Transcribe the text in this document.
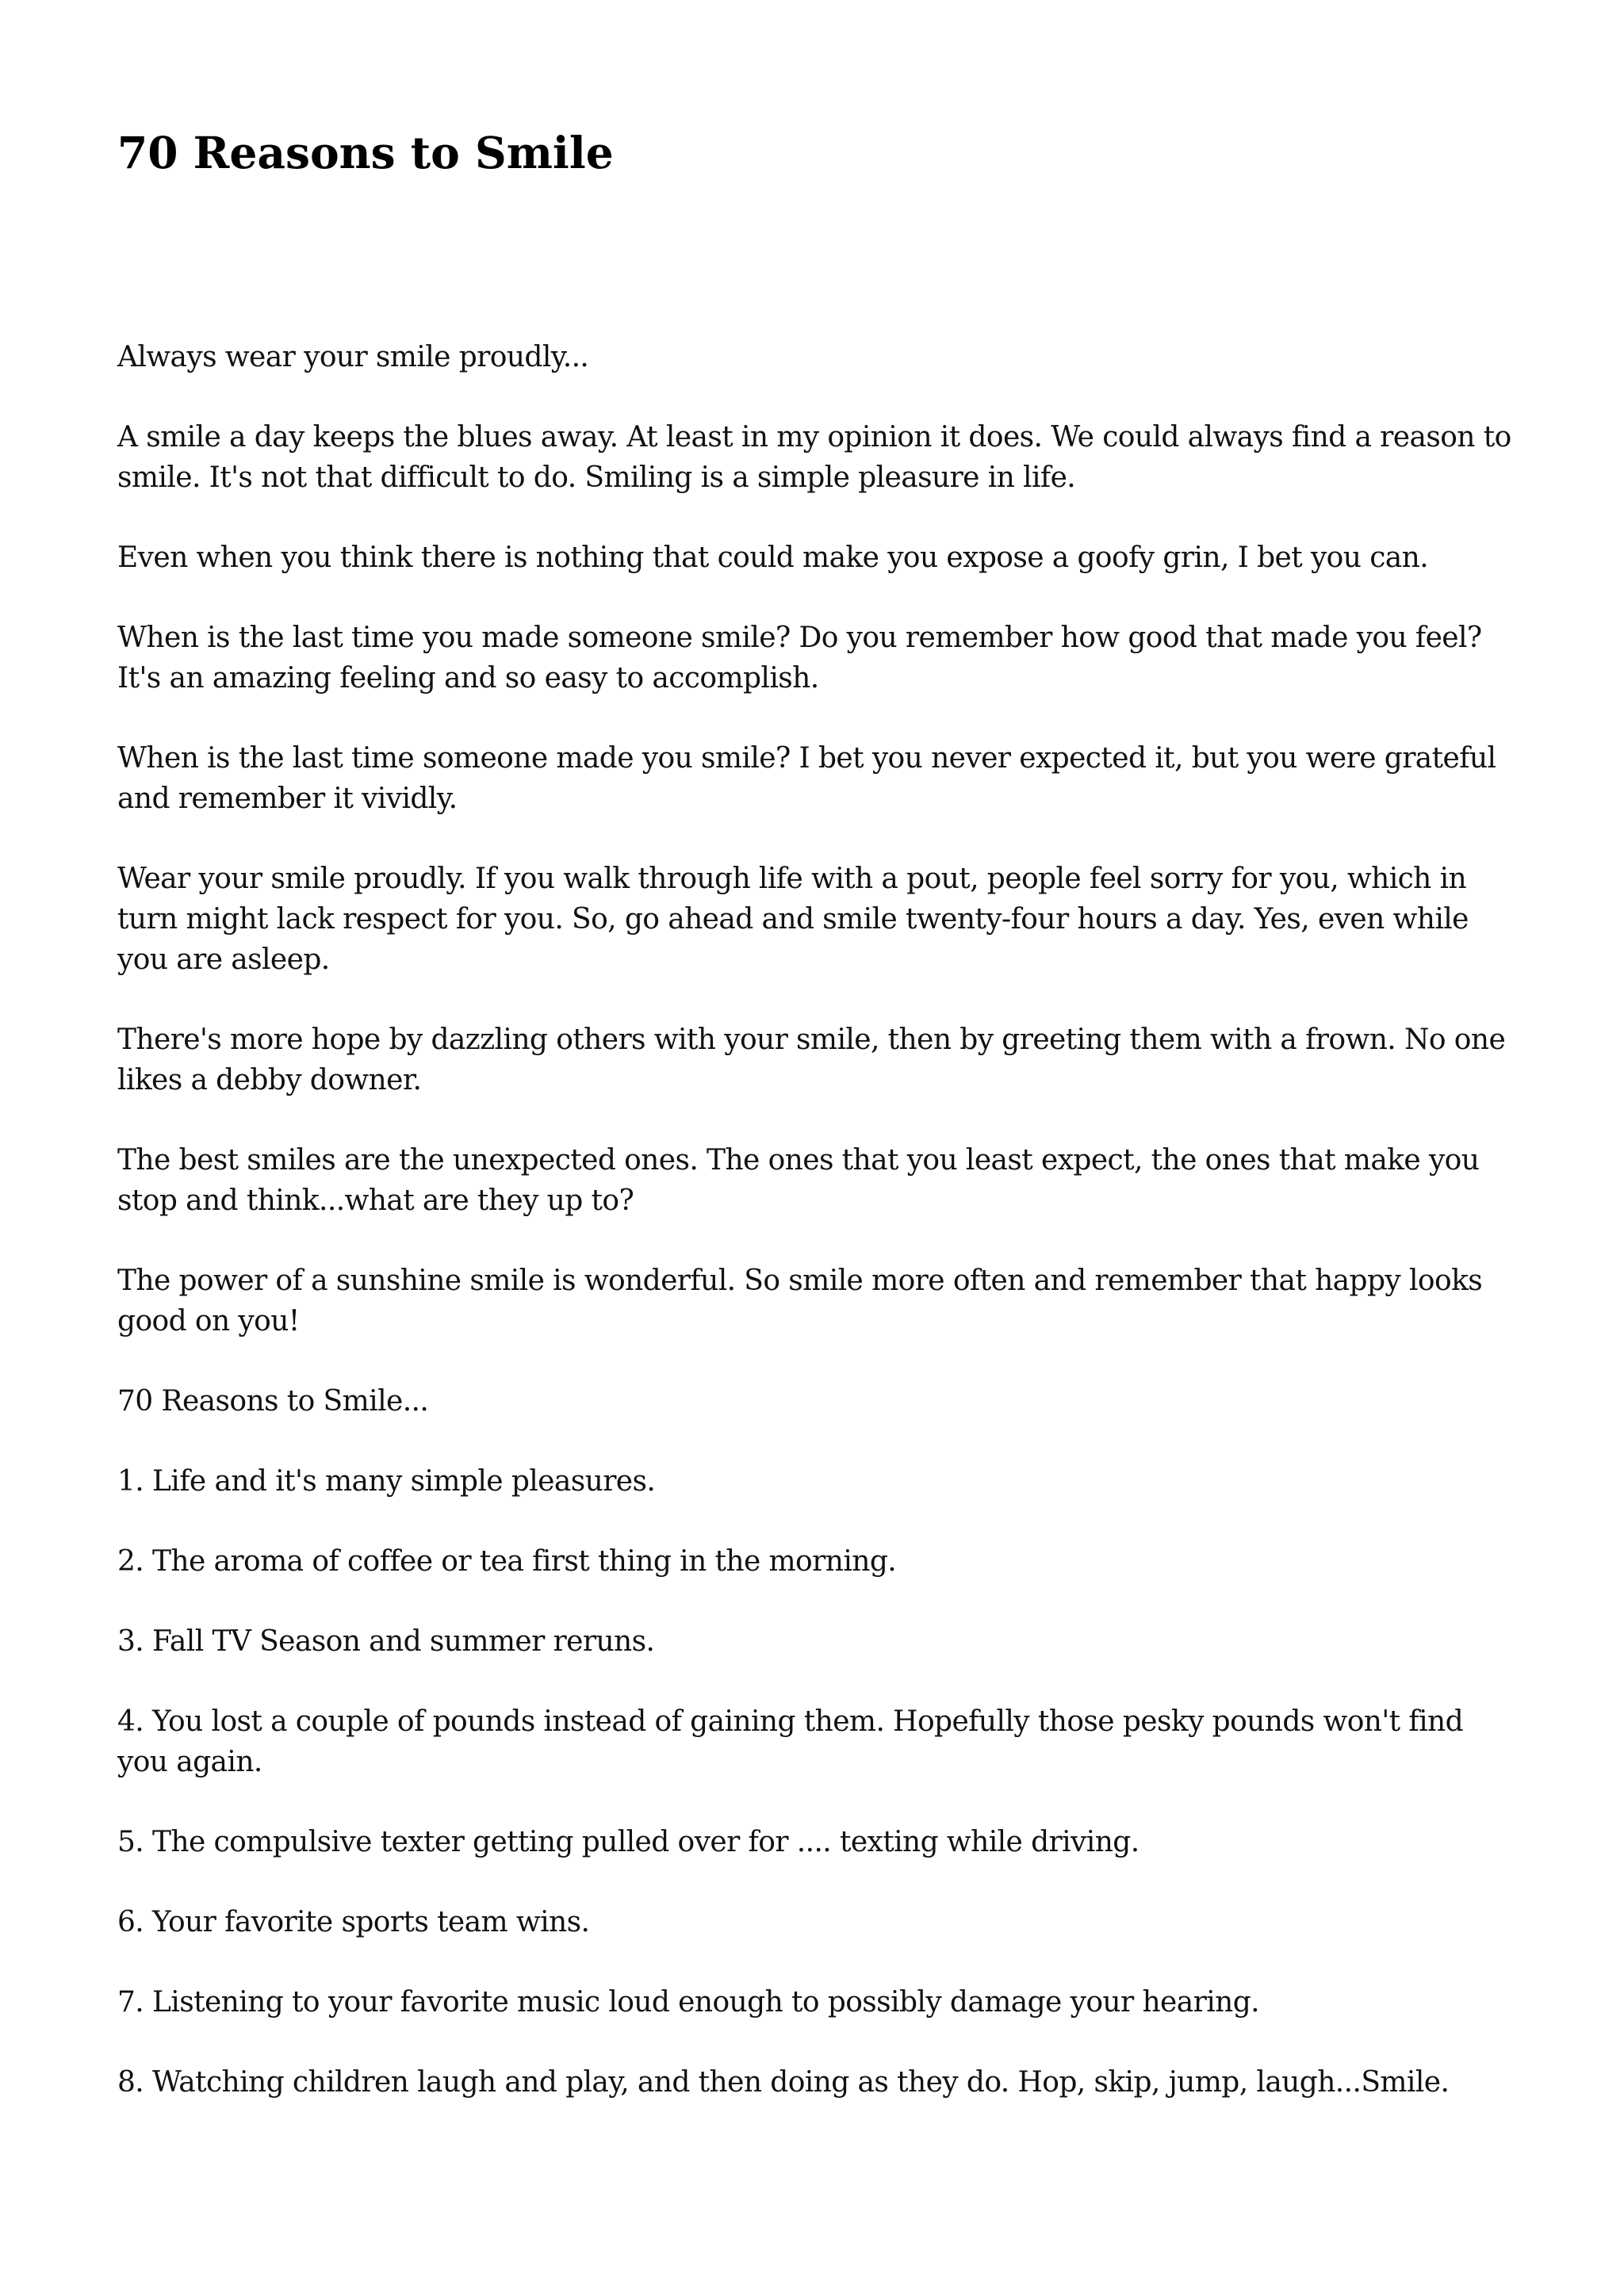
70 Reasons to Smile

Always wear your smile proudly...

A smile a day keeps the blues away. At least in my opinion it does. We could always find a reason to smile. It's not that difficult to do. Smiling is a simple pleasure in life.

Even when you think there is nothing that could make you expose a goofy grin, I bet you can.

When is the last time you made someone smile? Do you remember how good that made you feel? It's an amazing feeling and so easy to accomplish.

When is the last time someone made you smile? I bet you never expected it, but you were grateful and remember it vividly.

Wear your smile proudly. If you walk through life with a pout, people feel sorry for you, which in turn might lack respect for you. So, go ahead and smile twenty-four hours a day. Yes, even while you are asleep.

There's more hope by dazzling others with your smile, then by greeting them with a frown. No one likes a debby downer.

The best smiles are the unexpected ones. The ones that you least expect, the ones that make you stop and think...what are they up to?

The power of a sunshine smile is wonderful. So smile more often and remember that happy looks good on you!

70 Reasons to Smile...

1. Life and it's many simple pleasures.

2. The aroma of coffee or tea first thing in the morning.

3. Fall TV Season and summer reruns.

4. You lost a couple of pounds instead of gaining them. Hopefully those pesky pounds won't find you again.

5. The compulsive texter getting pulled over for .... texting while driving.

6. Your favorite sports team wins.

7. Listening to your favorite music loud enough to possibly damage your hearing.

8. Watching children laugh and play, and then doing as they do. Hop, skip, jump, laugh...Smile.
